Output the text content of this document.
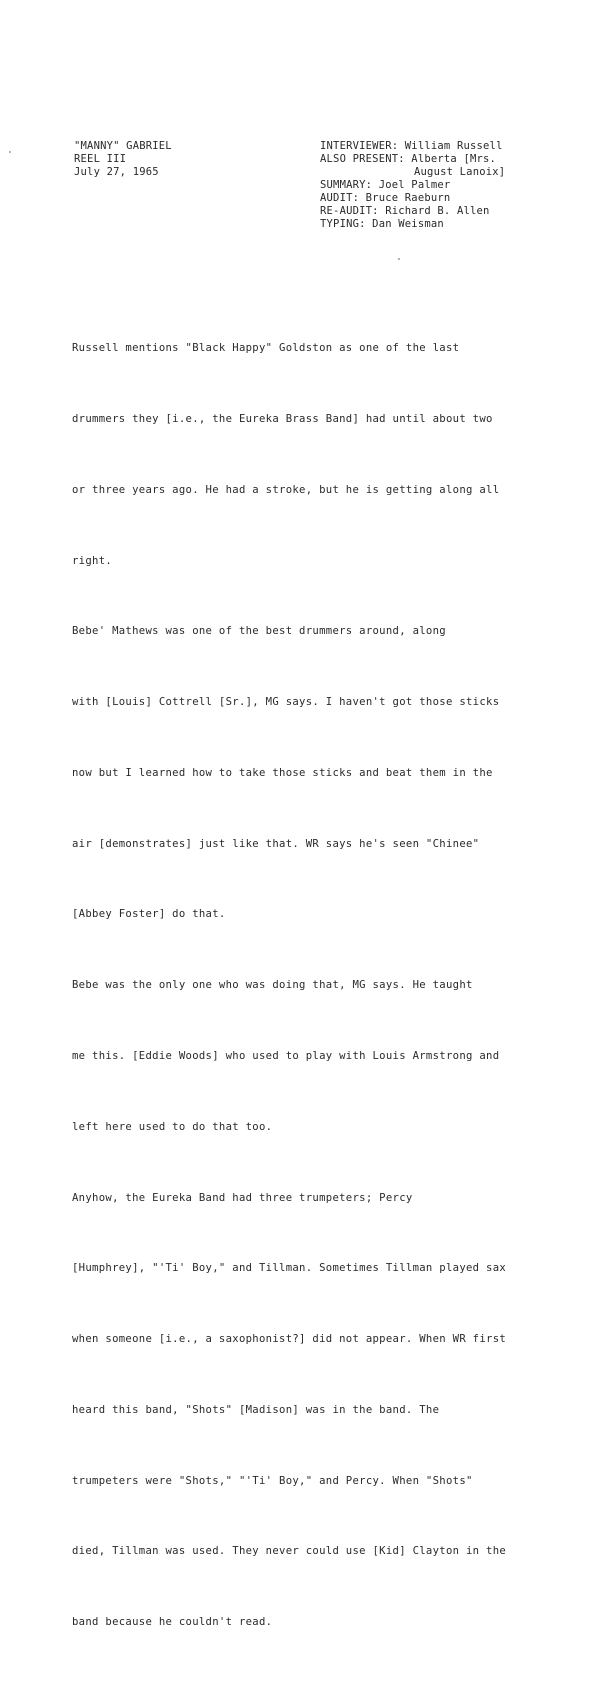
"MANNY" GABRIEL
REEL III
July 27, 1965
INTERVIEWER: William Russell
ALSO PRESENT: Alberta [Mrs.
August Lanoix]
SUMMARY: Joel Palmer
AUDIT: Bruce Raeburn
RE-AUDIT: Richard B. Allen
TYPING: Dan Weisman

Russell mentions "Black Happy" Goldston as one of the last

drummers they [i.e., the Eureka Brass Band] had until about two

or three years ago. He had a stroke, but he is getting along all

right.

Bebe' Mathews was one of the best drummers around, along

with [Louis] Cottrell [Sr.], MG says. I haven't got those sticks

now but I learned how to take those sticks and beat them in the

air [demonstrates] just like that. WR says he's seen "Chinee"

[Abbey Foster] do that.

Bebe was the only one who was doing that, MG says. He taught

me this. [Eddie Woods] who used to play with Louis Armstrong and

left here used to do that too.

Anyhow, the Eureka Band had three trumpeters; Percy

[Humphrey], "'Ti' Boy," and Tillman. Sometimes Tillman played sax

when someone [i.e., a saxophonist?] did not appear. When WR first

heard this band, "Shots" [Madison] was in the band. The

trumpeters were "Shots," "'Ti' Boy," and Percy. When "Shots"

died, Tillman was used. They never could use [Kid] Clayton in the

band because he couldn't read.
